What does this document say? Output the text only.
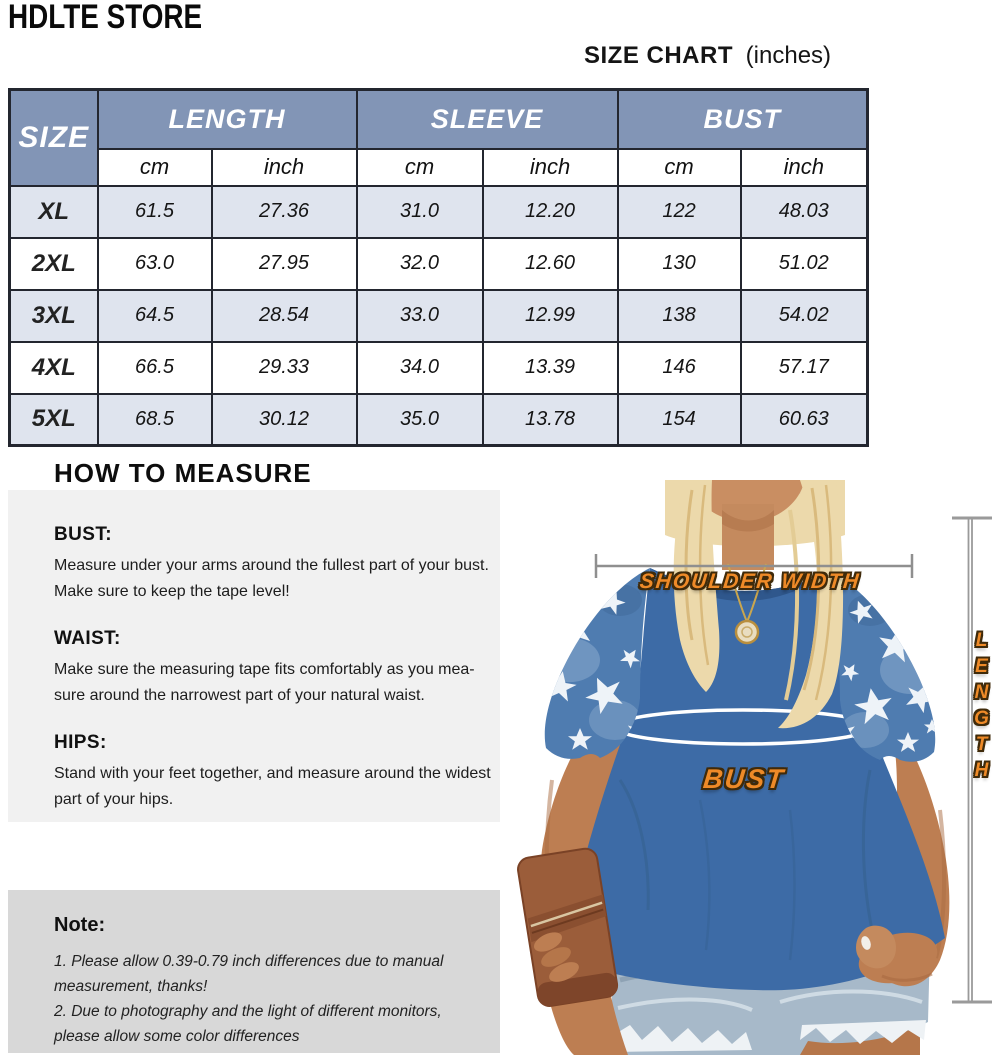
HDLTE STORE
SIZE CHART (inches)
SIZE	LENGTH		SLEEVE		BUST	
	cm	inch	cm	inch	cm	inch
XL	61.5	27.36	31.0	12.20	122	48.03
2XL	63.0	27.95	32.0	12.60	130	51.02
3XL	64.5	28.54	33.0	12.99	138	54.02
4XL	66.5	29.33	34.0	13.39	146	57.17
5XL	68.5	30.12	35.0	13.78	154	60.63
HOW TO MEASURE
BUST:
Measure under your arms around the fullest part of your bust.
Make sure to keep the tape level!
WAIST:
Make sure the measuring tape fits comfortably as you mea-
sure around the narrowest part of your natural waist.
HIPS:
Stand with your feet together, and measure around the widest
part of your hips.
Note:
1. Please allow 0.39-0.79 inch differences due to manual
measurement, thanks!
2. Due to photography and the light of different monitors,
please allow some color differences
SHOULDER WIDTH
BUST	LENGTH
